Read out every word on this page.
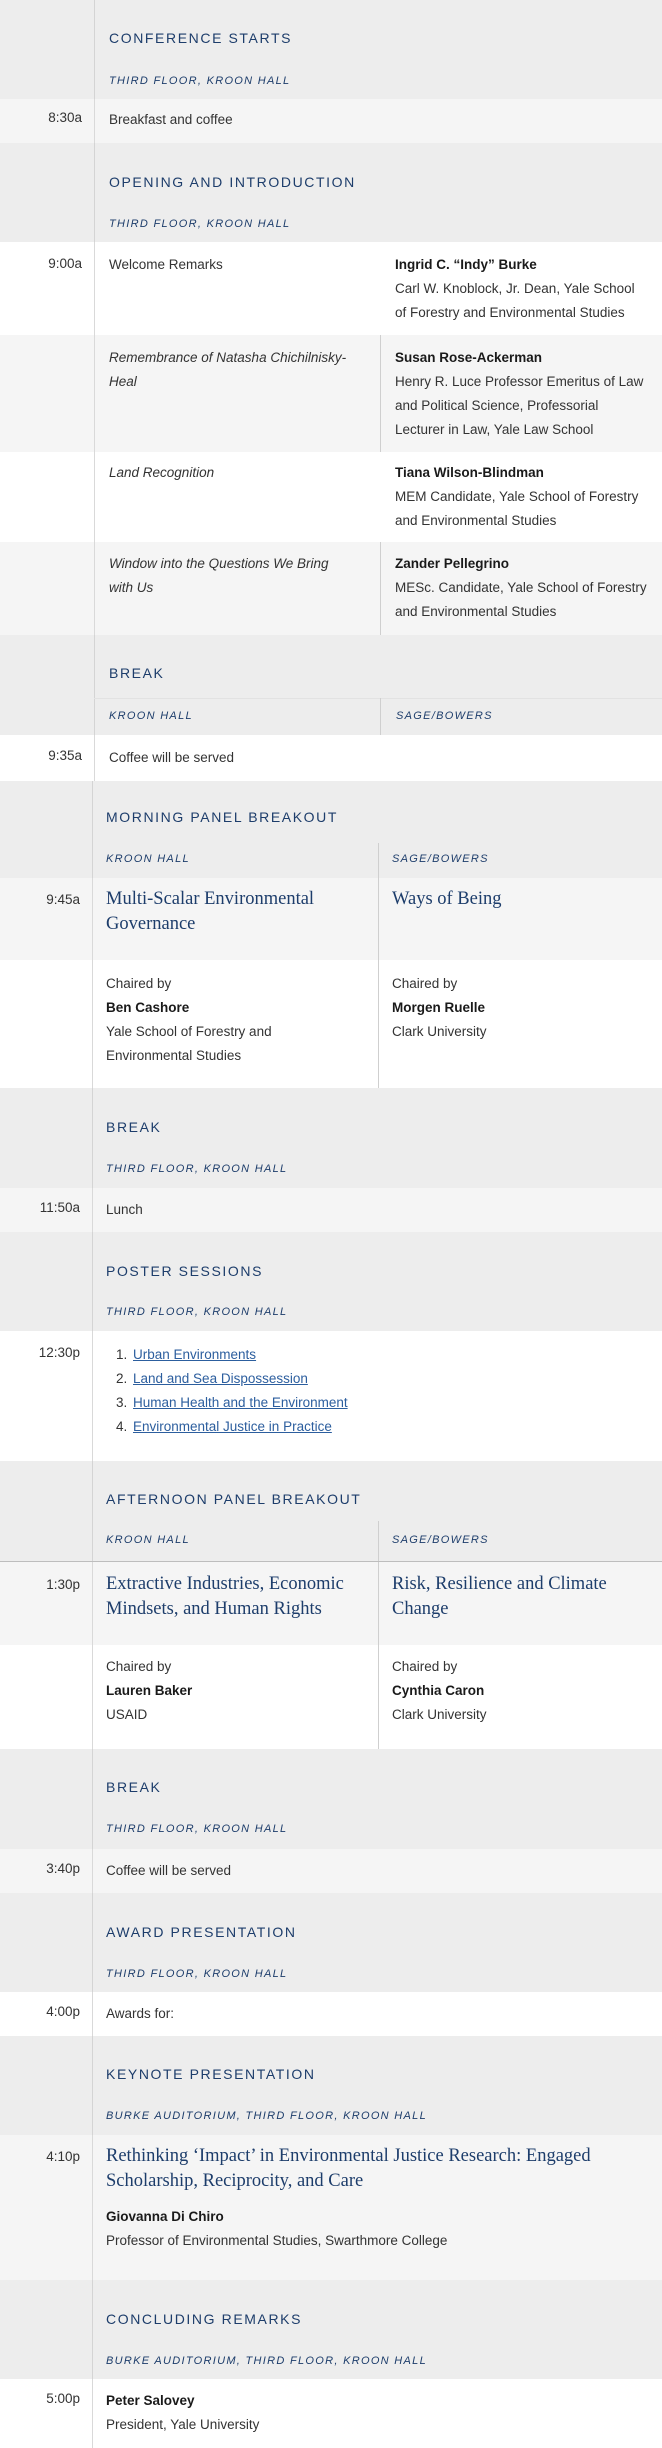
CONFERENCE STARTS
THIRD FLOOR, KROON HALL
8:30a Breakfast and coffee
OPENING AND INTRODUCTION
THIRD FLOOR, KROON HALL
9:00a Welcome Remarks	Ingrid C. “Indy” Burke
Carl W. Knoblock, Jr. Dean, Yale School
of Forestry and Environmental Studies
Remembrance of Natasha Chichilnisky-
Heal
Susan Rose-Ackerman
Henry R. Luce Professor Emeritus of Law
and Political Science, Professorial
Lecturer in Law, Yale Law School
Land Recognition	Tiana Wilson-Blindman
MEM Candidate, Yale School of Forestry
and Environmental Studies
Window into the Questions We Bring
with Us
Zander Pellegrino
MESc. Candidate, Yale School of Forestry
and Environmental Studies
BREAK
KROON HALL	SAGE/BOWERS
9:35a Coffee will be served
MORNING PANEL BREAKOUT
KROON HALL	SAGE/BOWERS
9:45a Multi-Scalar Environmental
Governance
Ways of Being
Chaired by
Ben Cashore
Yale School of Forestry and
Environmental Studies
Chaired by
Morgen Ruelle
Clark University
BREAK
THIRD FLOOR, KROON HALL
11:50a Lunch
POSTER SESSIONS
THIRD FLOOR, KROON HALL
12:30p
1.	Urban Environments
2. Land and Sea Dispossession
3. Human Health and the Environment
4. Environmental Justice in Practice
AFTERNOON PANEL BREAKOUT
KROON HALL	SAGE/BOWERS
1:30p Extractive Industries, Economic
Mindsets, and Human Rights
Risk, Resilience and Climate
Change
Chaired by
Lauren Baker
USAID
Chaired by
Cynthia Caron
Clark University
BREAK
THIRD FLOOR, KROON HALL
3:40p Coffee will be served
AWARD PRESENTATION
THIRD FLOOR, KROON HALL
4:00p Awards for:
KEYNOTE PRESENTATION
BURKE AUDITORIUM, THIRD FLOOR, KROON HALL
4:10p Rethinking ‘Impact’ in Environmental Justice Research: Engaged
Scholarship, Reciprocity, and Care
Giovanna Di Chiro
Professor of Environmental Studies, Swarthmore College
CONCLUDING REMARKS
BURKE AUDITORIUM, THIRD FLOOR, KROON HALL
5:00p Peter Salovey
President, Yale University
